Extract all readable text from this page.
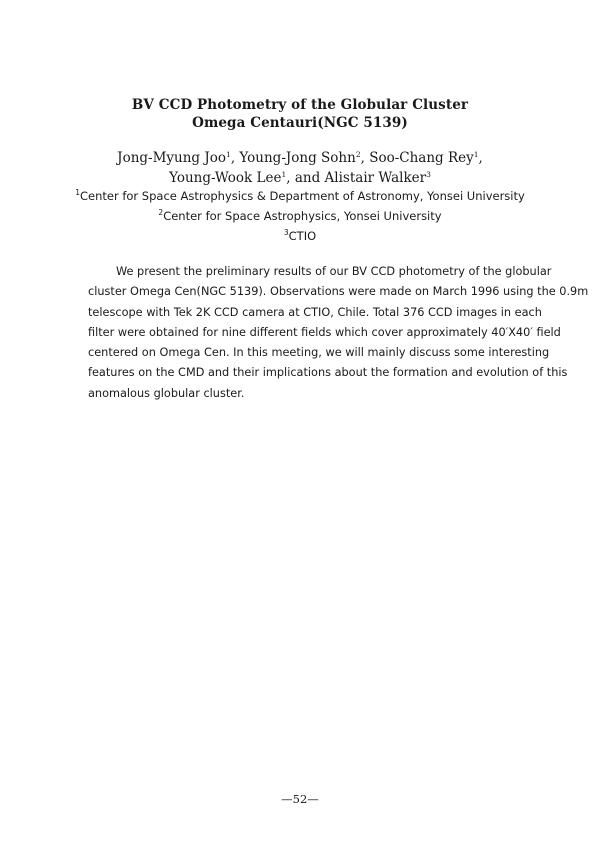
BV CCD Photometry of the Globular Cluster
Omega Centauri(NGC 5139)
Jong-Myung Joo$^1$, Young-Jong Sohn$^2$, Soo-Chang Rey$^1$,
Young-Wook Lee$^1$, and Alistair Walker$^3$
$^1$Center for Space Astrophysics & Department of Astronomy, Yonsei University
$^2$Center for Space Astrophysics, Yonsei University
$^3$CTIO
We present the preliminary results of our BV CCD photometry of the globular
cluster Omega Cen(NGC 5139). Observations were made on March 1996 using the 0.9m
telescope with Tek 2K CCD camera at CTIO, Chile. Total 376 CCD images in each
filter were obtained for nine different fields which cover approximately 40′X40′ field
centered on Omega Cen. In this meeting, we will mainly discuss some interesting
features on the CMD and their implications about the formation and evolution of this
anomalous globular cluster.
—52—
